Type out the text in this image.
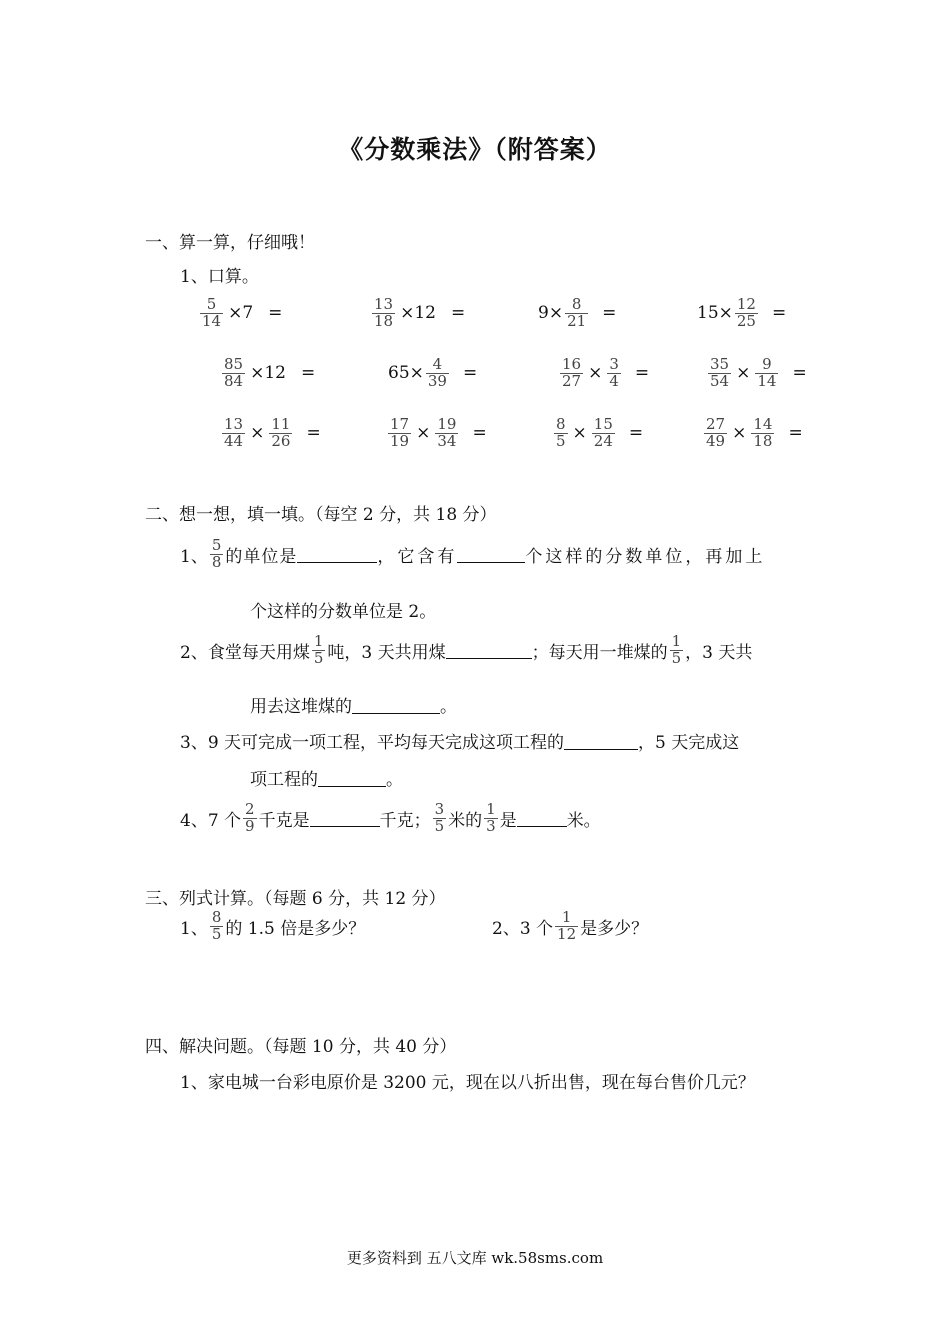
《分数乘法》（附答案）
一、算一算，仔细哦！
1、口算。
$\frac{5}{14} \times 7$ =	$\frac{13}{18} \times 12$ =	$9\times \frac{8}{21}$ =	$15\times \frac{12}{25}$ =
$\frac{85}{84} \times 12$ =	$65\times \frac{4}{39}$ =	$\frac{16}{27} \times \frac{3}{4}$ =	$\frac{35}{54} \times \frac{9}{14}$ =
$\frac{13}{44} \times \frac{11}{26}$ =	$\frac{17}{19} \times \frac{19}{34}$ =	$\frac{8}{5} \times \frac{15}{24}$ =	$\frac{27}{49} \times \frac{14}{18}$ =
二、想一想，填一填。（每空 2 分，共 18 分）
1、 $\frac{5}{8}$ 的单位是	，它含有	个这样的分数单位，再加上
个这样的分数单位是 2。
2、食堂每天用煤 $\frac{1}{5}$ 吨，3 天共用煤	；每天用一堆煤的 $\frac{1}{5}$ ，3 天共
用去这堆煤的	。
3、9 天可完成一项工程，平均每天完成这项工程的	，5 天完成这
项工程的	。
4、7 个 $\frac{2}{9}$ 千克是	千克； $\frac{3}{5}$ 米的 $\frac{1}{3}$ 是	米。
三、列式计算。（每题 6 分，共 12 分）
1、 $\frac{8}{5}$ 的 1.5 倍是多少？	2、3 个 $\frac{1}{12}$ 是多少？
四、解决问题。（每题 10 分，共 40 分）
1、家电城一台彩电原价是 3200 元，现在以八折出售，现在每台售价几元？
更多资料到 五八文库 wk.58sms.com
